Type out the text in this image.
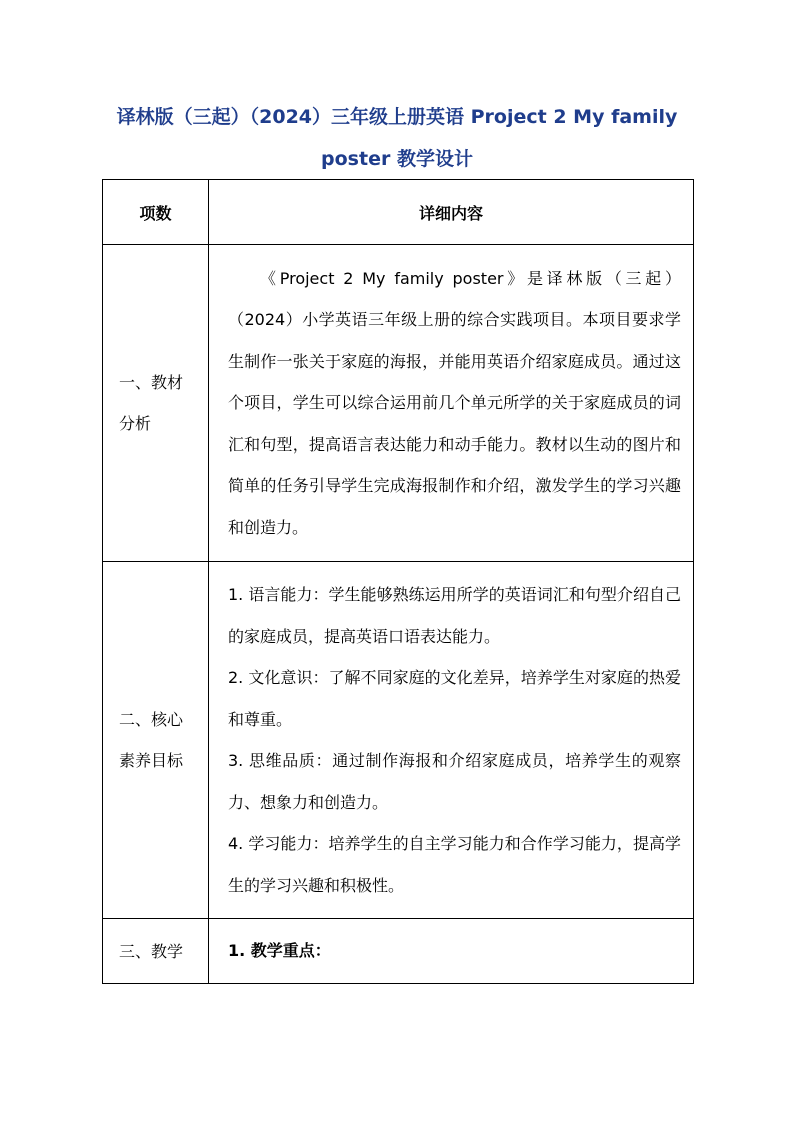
译林版（三起）（2024）三年级上册英语 Project 2 My family
poster 教学设计
项数	详细内容

一、教材分析	《Project 2 My family poster》是译林版（三起）（2024）小学英语三年级上册的综合实践项目。本项目要求学生制作一张关于家庭的海报，并能用英语介绍家庭成员。通过这个项目，学生可以综合运用前几个单元所学的关于家庭成员的词汇和句型，提高语言表达能力和动手能力。教材以生动的图片和简单的任务引导学生完成海报制作和介绍，激发学生的学习兴趣和创造力。

二、核心素养目标	1. 语言能力：学生能够熟练运用所学的英语词汇和句型介绍自己的家庭成员，提高英语口语表达能力。

2. 文化意识：了解不同家庭的文化差异，培养学生对家庭的热爱和尊重。

3. 思维品质：通过制作海报和介绍家庭成员，培养学生的观察力、想象力和创造力。

4. 学习能力：培养学生的自主学习能力和合作学习能力，提高学生的学习兴趣和积极性。

三、教学	1. 教学重点：
